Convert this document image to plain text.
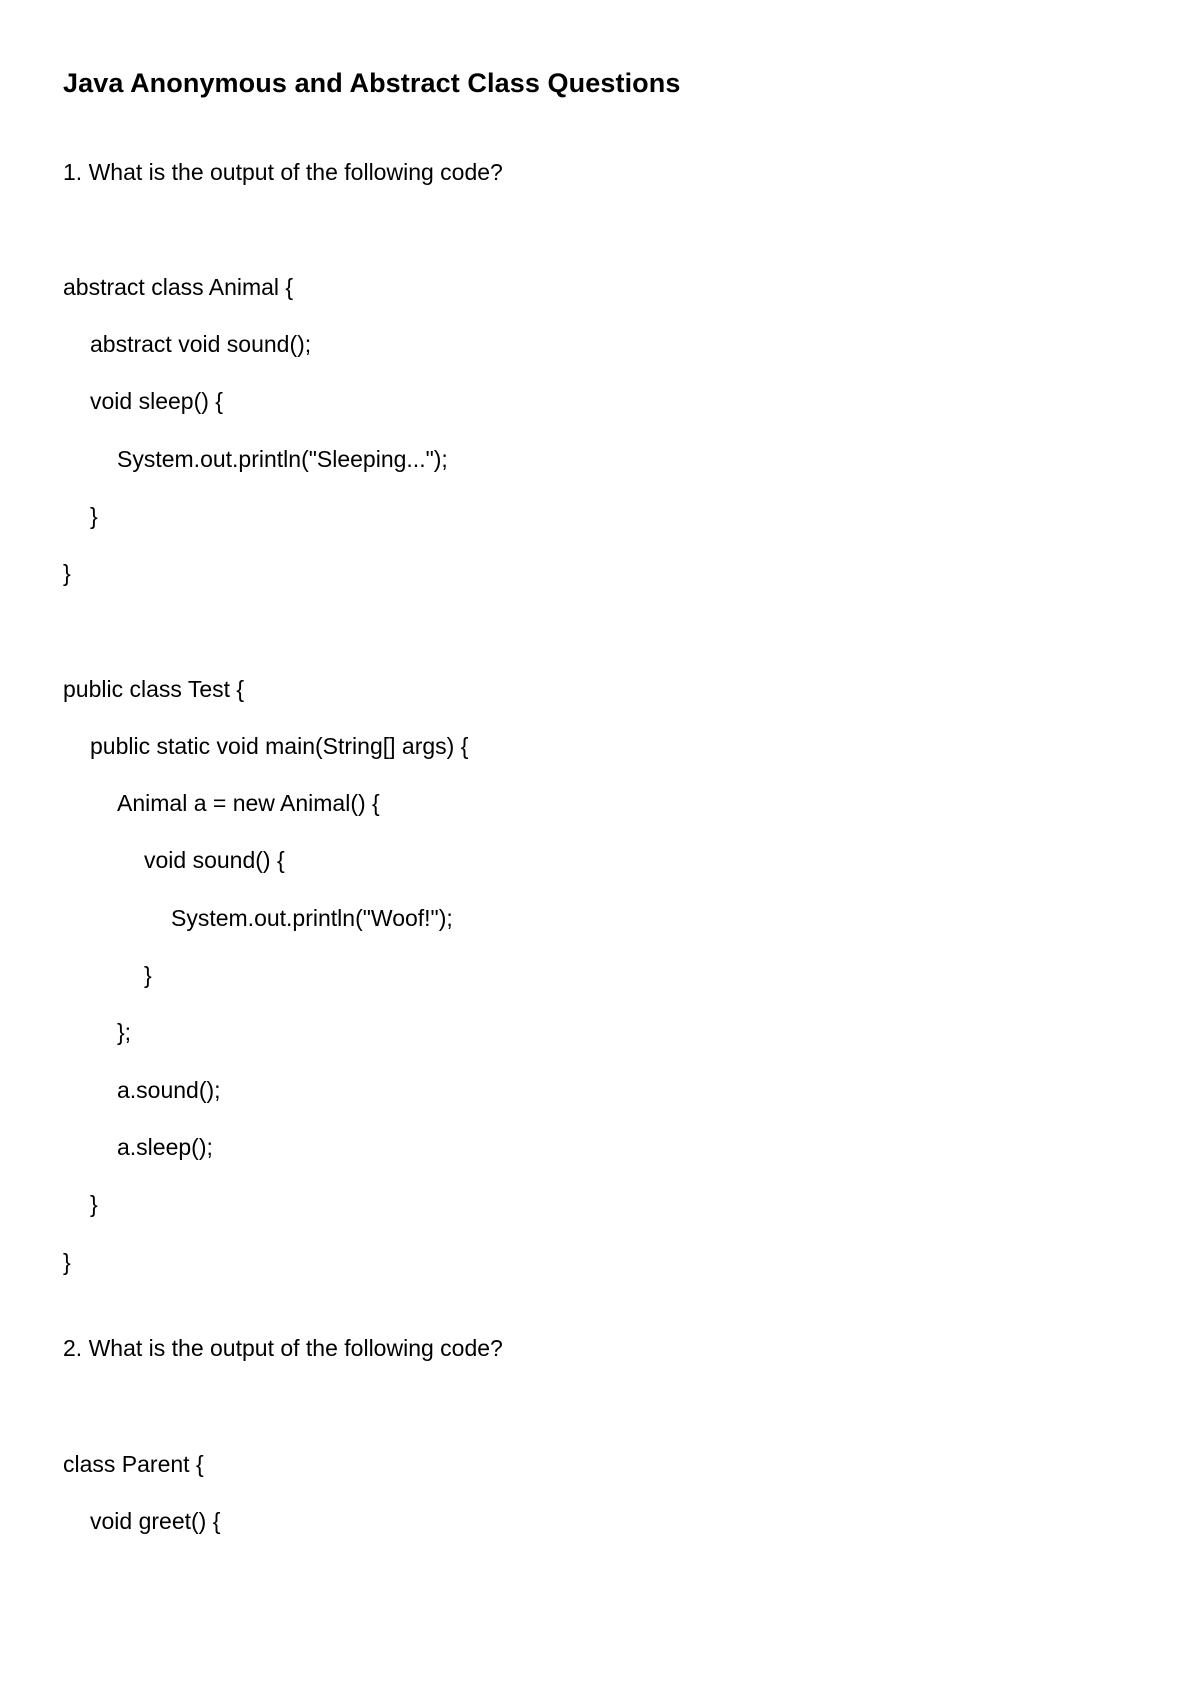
Java Anonymous and Abstract Class Questions
1. What is the output of the following code?
abstract class Animal {
abstract void sound();
void sleep() {
System.out.println("Sleeping...");
}
}
public class Test {
public static void main(String[] args) {
Animal a = new Animal() {
void sound() {
System.out.println("Woof!");
}
};
a.sound();
a.sleep();
}
}
2. What is the output of the following code?
class Parent {
void greet() {
